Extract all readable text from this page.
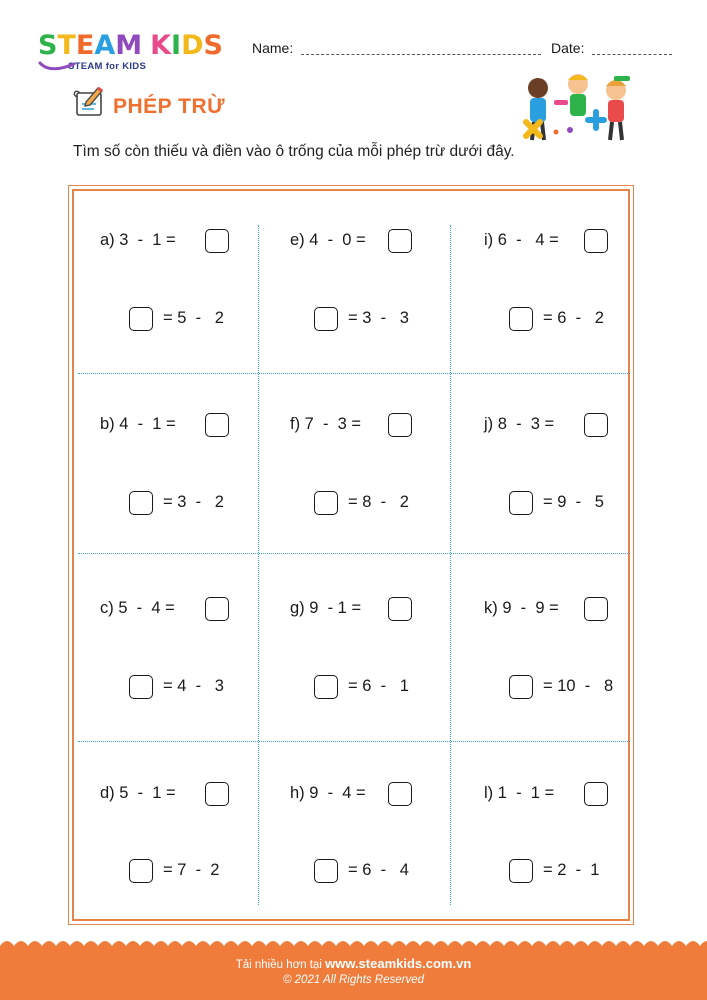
STEAM KIDS
STEAM for KIDS
Name:	Date:
PHÉP TRỪ
Tìm số còn thiếu và điền vào ô trống của mỗi phép trừ dưới đây.
a) 3  -  1 =
= 5  -   2
e) 4  -  0 =
= 3  -   3
i) 6  -   4 =
= 6  -   2
b) 4  -  1 =
= 3  -   2
f) 7  -  3 =
= 8  -   2
j) 8  -  3 =
= 9  -   5
c) 5  -  4 =
= 4  -   3
g) 9  - 1 =
= 6  -   1
k) 9  -  9 =
= 10  -   8
d) 5  -  1 =
= 7  -  2
h) 9  -  4 =
= 6  -   4
l) 1  -  1 =
= 2  -  1
Tải nhiều hơn tại www.steamkids.com.vn
© 2021 All Rights Reserved
